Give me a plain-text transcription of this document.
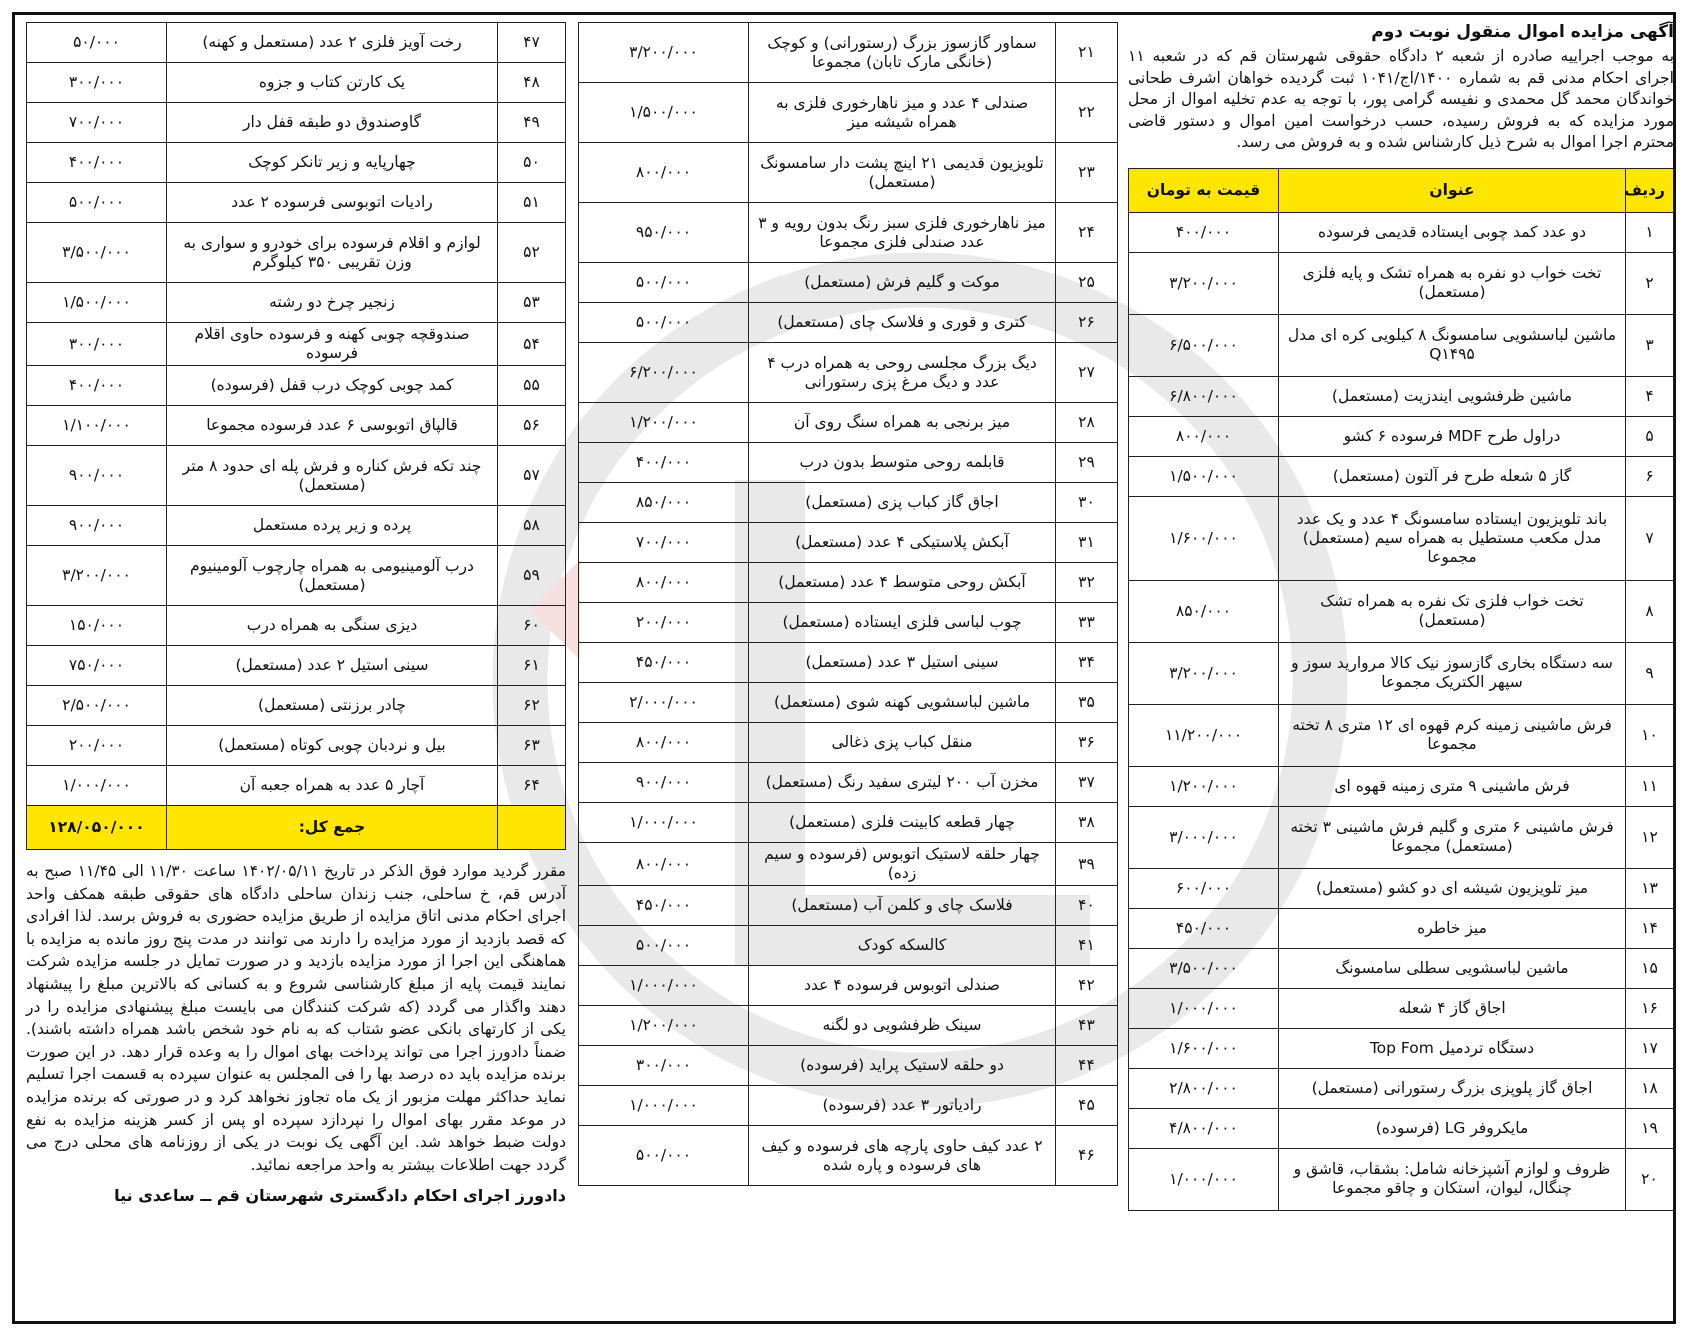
آگهی مزایده اموال منقول نوبت دوم
به موجب اجراییه صادره از شعبه ۲ دادگاه حقوقی شهرستان قم که در شعبه ۱۱ اجرای احکام مدنی قم به شماره ۱۴۰۰/اج/۱۰۴۱ ثبت گردیده خواهان اشرف طحانی خواندگان محمد گل محمدی و نفیسه گرامی پور، با توجه به عدم تخلیه اموال از محل مورد مزایده که به فروش رسیده، حسب درخواست امین اموال و دستور قاضی محترم اجرا اموال به شرح ذیل کارشناس شده و به فروش می رسد.
ردیف	عنوان	قیمت به تومان
۱	دو عدد کمد چوبی ایستاده قدیمی فرسوده	۴۰۰/۰۰۰
۲	تخت خواب دو نفره به همراه تشک و پایه فلزی (مستعمل)	۳/۲۰۰/۰۰۰
۳	ماشین لباسشویی سامسونگ ۸ کیلویی کره ای مدل Q۱۴۹۵	۶/۵۰۰/۰۰۰
۴	ماشین ظرفشویی ایندزیت (مستعمل)	۶/۸۰۰/۰۰۰
۵	دراول طرح MDF فرسوده ۶ کشو	۸۰۰/۰۰۰
۶	گاز ۵ شعله طرح فر آلتون (مستعمل)	۱/۵۰۰/۰۰۰
۷	باند تلویزیون ایستاده سامسونگ ۴ عدد و یک عدد مدل مکعب مستطیل به همراه سیم (مستعمل) مجموعا	۱/۶۰۰/۰۰۰
۸	تخت خواب فلزی تک نفره به همراه تشک (مستعمل)	۸۵۰/۰۰۰
۹	سه دستگاه بخاری گازسوز نیک کالا مروارید سوز و سپهر الکتریک مجموعا	۳/۲۰۰/۰۰۰
۱۰	فرش ماشینی زمینه کرم قهوه ای ۱۲ متری ۸ تخته مجموعا	۱۱/۲۰۰/۰۰۰
۱۱	فرش ماشینی ۹ متری زمینه قهوه ای	۱/۲۰۰/۰۰۰
۱۲	فرش ماشینی ۶ متری و گلیم فرش ماشینی ۳ تخته (مستعمل) مجموعا	۳/۰۰۰/۰۰۰
۱۳	میز تلویزیون شیشه ای دو کشو (مستعمل)	۶۰۰/۰۰۰
۱۴	میز خاطره	۴۵۰/۰۰۰
۱۵	ماشین لباسشویی سطلی سامسونگ	۳/۵۰۰/۰۰۰
۱۶	اجاق گاز ۴ شعله	۱/۰۰۰/۰۰۰
۱۷	دستگاه تردمیل Top Fom	۱/۶۰۰/۰۰۰
۱۸	اجاق گاز پلوپزی بزرگ رستورانی (مستعمل)	۲/۸۰۰/۰۰۰
۱۹	مایکروفر LG (فرسوده)	۴/۸۰۰/۰۰۰
۲۰	ظروف و لوازم آشپزخانه شامل: بشقاب، قاشق و چنگال، لیوان، استکان و چاقو مجموعا	۱/۰۰۰/۰۰۰
۲۱	سماور گازسوز بزرگ (رستورانی) و کوچک (خانگی مارک تابان) مجموعا	۳/۲۰۰/۰۰۰
۲۲	صندلی ۴ عدد و میز ناهارخوری فلزی به همراه شیشه میز	۱/۵۰۰/۰۰۰
۲۳	تلویزیون قدیمی ۲۱ اینچ پشت دار سامسونگ (مستعمل)	۸۰۰/۰۰۰
۲۴	میز ناهارخوری فلزی سبز رنگ بدون رویه و ۳ عدد صندلی فلزی مجموعا	۹۵۰/۰۰۰
۲۵	موکت و گلیم فرش (مستعمل)	۵۰۰/۰۰۰
۲۶	کتری و قوری و فلاسک چای (مستعمل)	۵۰۰/۰۰۰
۲۷	دیگ بزرگ مجلسی روحی به همراه درب ۴ عدد و دیگ مرغ پزی رستورانی	۶/۲۰۰/۰۰۰
۲۸	میز برنجی به همراه سنگ روی آن	۱/۲۰۰/۰۰۰
۲۹	قابلمه روحی متوسط بدون درب	۴۰۰/۰۰۰
۳۰	اجاق گاز کباب پزی (مستعمل)	۸۵۰/۰۰۰
۳۱	آبکش پلاستیکی ۴ عدد (مستعمل)	۷۰۰/۰۰۰
۳۲	آبکش روحی متوسط ۴ عدد (مستعمل)	۸۰۰/۰۰۰
۳۳	چوب لباسی فلزی ایستاده (مستعمل)	۲۰۰/۰۰۰
۳۴	سینی استیل ۳ عدد (مستعمل)	۴۵۰/۰۰۰
۳۵	ماشین لباسشویی کهنه شوی (مستعمل)	۲/۰۰۰/۰۰۰
۳۶	منقل کباب پزی ذغالی	۸۰۰/۰۰۰
۳۷	مخزن آب ۲۰۰ لیتری سفید رنگ (مستعمل)	۹۰۰/۰۰۰
۳۸	چهار قطعه کابینت فلزی (مستعمل)	۱/۰۰۰/۰۰۰
۳۹	چهار حلقه لاستیک اتوبوس (فرسوده و سیم زده)	۸۰۰/۰۰۰
۴۰	فلاسک چای و کلمن آب (مستعمل)	۴۵۰/۰۰۰
۴۱	کالسکه کودک	۵۰۰/۰۰۰
۴۲	صندلی اتوبوس فرسوده ۴ عدد	۱/۰۰۰/۰۰۰
۴۳	سینک ظرفشویی دو لگنه	۱/۲۰۰/۰۰۰
۴۴	دو حلقه لاستیک پراید (فرسوده)	۳۰۰/۰۰۰
۴۵	رادیاتور ۳ عدد (فرسوده)	۱/۰۰۰/۰۰۰
۴۶	۲ عدد کیف حاوی پارچه های فرسوده و کیف های فرسوده و پاره شده	۵۰۰/۰۰۰
۴۷	رخت آویز فلزی ۲ عدد (مستعمل و کهنه)	۵۰/۰۰۰
۴۸	یک کارتن کتاب و جزوه	۳۰۰/۰۰۰
۴۹	گاوصندوق دو طبقه قفل دار	۷۰۰/۰۰۰
۵۰	چهارپایه و زیر تانکر کوچک	۴۰۰/۰۰۰
۵۱	رادیات اتوبوسی فرسوده ۲ عدد	۵۰۰/۰۰۰
۵۲	لوازم و اقلام فرسوده برای خودرو و سواری به وزن تقریبی ۳۵۰ کیلوگرم	۳/۵۰۰/۰۰۰
۵۳	زنجیر چرخ دو رشته	۱/۵۰۰/۰۰۰
۵۴	صندوقچه چوبی کهنه و فرسوده حاوی اقلام فرسوده	۳۰۰/۰۰۰
۵۵	کمد چوبی کوچک درب قفل (فرسوده)	۴۰۰/۰۰۰
۵۶	قالپاق اتوبوسی ۶ عدد فرسوده مجموعا	۱/۱۰۰/۰۰۰
۵۷	چند تکه فرش کناره و فرش پله ای حدود ۸ متر (مستعمل)	۹۰۰/۰۰۰
۵۸	پرده و زیر پرده مستعمل	۹۰۰/۰۰۰
۵۹	درب آلومینیومی به همراه چارچوب آلومینیوم (مستعمل)	۳/۲۰۰/۰۰۰
۶۰	دیزی سنگی به همراه درب	۱۵۰/۰۰۰
۶۱	سینی استیل ۲ عدد (مستعمل)	۷۵۰/۰۰۰
۶۲	چادر برزنتی (مستعمل)	۲/۵۰۰/۰۰۰
۶۳	بیل و نردبان چوبی کوتاه (مستعمل)	۲۰۰/۰۰۰
۶۴	آچار ۵ عدد به همراه جعبه آن	۱/۰۰۰/۰۰۰
	جمع کل:	۱۲۸/۰۵۰/۰۰۰
مقرر گردید موارد فوق الذکر در تاریخ ۱۴۰۲/۰۵/۱۱ ساعت ۱۱/۳۰ الی ۱۱/۴۵ صبح به آدرس قم، خ ساحلی، جنب زندان ساحلی دادگاه های حقوقی طبقه همکف واحد اجرای احکام مدنی اتاق مزایده از طریق مزایده حضوری به فروش برسد. لذا افرادی که قصد بازدید از مورد مزایده را دارند می توانند در مدت پنج روز مانده به مزایده با هماهنگی این اجرا از مورد مزایده بازدید و در صورت تمایل در جلسه مزایده شرکت نمایند قیمت پایه از مبلغ کارشناسی شروع و به کسانی که بالاترین مبلغ را پیشنهاد دهند واگذار می گردد (که شرکت کنندگان می بایست مبلغ پیشنهادی مزایده را در یکی از کارتهای بانکی عضو شتاب که به نام خود شخص باشد همراه داشته باشند). ضمناً دادورز اجرا می تواند پرداخت بهای اموال را به وعده قرار دهد. در این صورت برنده مزایده باید ده درصد بها را فی المجلس به عنوان سپرده به قسمت اجرا تسلیم نماید حداکثر مهلت مزبور از یک ماه تجاوز نخواهد کرد و در صورتی که برنده مزایده در موعد مقرر بهای اموال را نپردازد سپرده او پس از کسر هزینه مزایده به نفع دولت ضبط خواهد شد. این آگهی یک نوبت در یکی از روزنامه های محلی درج می گردد جهت اطلاعات بیشتر به واحد مراجعه نمائید.
دادورز اجرای احکام دادگستری شهرستان قم ــ ساعدی نیا
